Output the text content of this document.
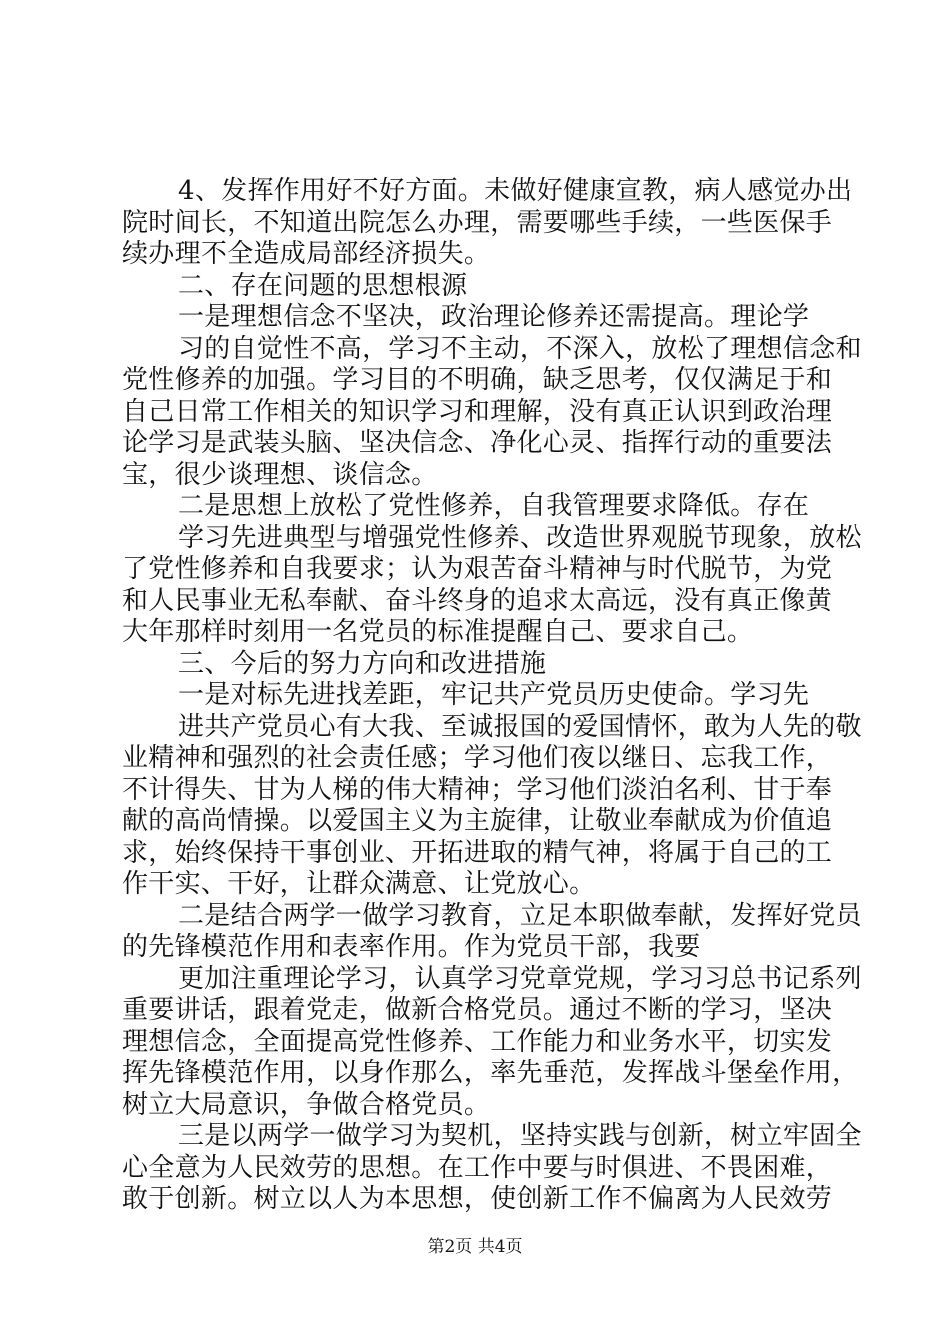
4、发挥作用好不好方面。未做好健康宣教，病人感觉办出
院时间长，不知道出院怎么办理，需要哪些手续，一些医保手
续办理不全造成局部经济损失。
二、存在问题的思想根源
一是理想信念不坚决，政治理论修养还需提高。理论学
习的自觉性不高，学习不主动，不深入，放松了理想信念和
党性修养的加强。学习目的不明确，缺乏思考，仅仅满足于和
自己日常工作相关的知识学习和理解，没有真正认识到政治理
论学习是武装头脑、坚决信念、净化心灵、指挥行动的重要法
宝，很少谈理想、谈信念。
二是思想上放松了党性修养，自我管理要求降低。存在
学习先进典型与增强党性修养、改造世界观脱节现象，放松
了党性修养和自我要求；认为艰苦奋斗精神与时代脱节，为党
和人民事业无私奉献、奋斗终身的追求太高远，没有真正像黄
大年那样时刻用一名党员的标准提醒自己、要求自己。
三、今后的努力方向和改进措施
一是对标先进找差距，牢记共产党员历史使命。学习先
进共产党员心有大我、至诚报国的爱国情怀，敢为人先的敬
业精神和强烈的社会责任感；学习他们夜以继日、忘我工作，
不计得失、甘为人梯的伟大精神；学习他们淡泊名利、甘于奉
献的高尚情操。以爱国主义为主旋律，让敬业奉献成为价值追
求，始终保持干事创业、开拓进取的精气神，将属于自己的工
作干实、干好，让群众满意、让党放心。
二是结合两学一做学习教育，立足本职做奉献，发挥好党员
的先锋模范作用和表率作用。作为党员干部，我要
更加注重理论学习，认真学习党章党规，学习习总书记系列
重要讲话，跟着党走，做新合格党员。通过不断的学习，坚决
理想信念，全面提高党性修养、工作能力和业务水平，切实发
挥先锋模范作用，以身作那么，率先垂范，发挥战斗堡垒作用，
树立大局意识，争做合格党员。
三是以两学一做学习为契机，坚持实践与创新，树立牢固全
心全意为人民效劳的思想。在工作中要与时俱进、不畏困难，
敢于创新。树立以人为本思想，使创新工作不偏离为人民效劳
第2页 共4页
